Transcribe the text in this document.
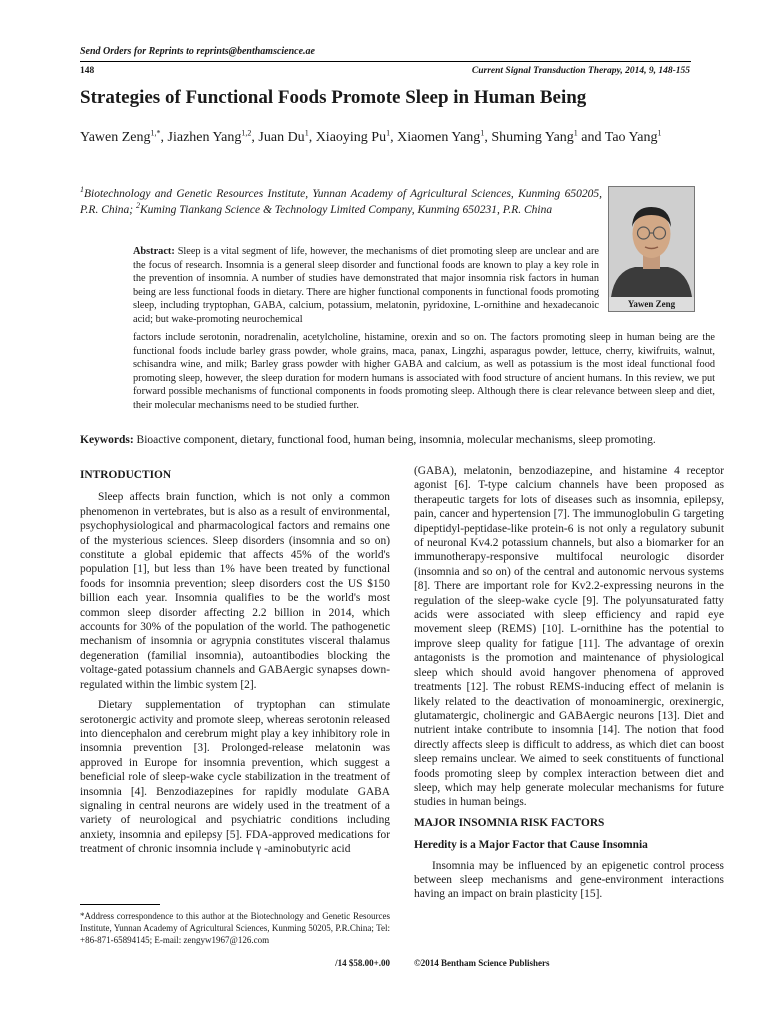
Send Orders for Reprints to reprints@benthamscience.ae
148	Current Signal Transduction Therapy, 2014, 9, 148-155
Strategies of Functional Foods Promote Sleep in Human Being
Yawen Zeng$^{1,*}$, Jiazhen Yang$^{1,2}$, Juan Du$^1$, Xiaoying Pu$^1$, Xiaomen Yang$^1$, Shuming Yang$^1$ and Tao Yang$^1$
$^1$Biotechnology and Genetic Resources Institute, Yunnan Academy of Agricultural Sciences, Kunming 650205, P.R. China; $^2$Kuming Tiankang Science & Technology Limited Company, Kunming 650231, P.R. China
Yawen Zeng
Abstract: Sleep is a vital segment of life, however, the mechanisms of diet promoting sleep are unclear and are the focus of research. Insomnia is a general sleep disorder and functional foods are known to play a key role in the prevention of insomnia. A number of studies have demonstrated that major insomnia risk factors in human being are less functional foods in dietary. There are higher functional components in functional foods promoting sleep, including tryptophan, GABA, calcium, potassium, melatonin, pyridoxine, L-ornithine and hexadecanoic acid; but wake-promoting neurochemical
factors include serotonin, noradrenalin, acetylcholine, histamine, orexin and so on. The factors promoting sleep in human being are the functional foods include barley grass powder, whole grains, maca, panax, Lingzhi, asparagus powder, lettuce, cherry, kiwifruits, walnut, schisandra wine, and milk; Barley grass powder with higher GABA and calcium, as well as potassium is the most ideal functional food promoting sleep, however, the sleep duration for modern humans is associated with food structure of ancient humans. In this review, we put forward possible mechanisms of functional components in foods promoting sleep. Although there is clear relevance between sleep and diet, their molecular mechanisms need to be studied further.
Keywords: Bioactive component, dietary, functional food, human being, insomnia, molecular mechanisms, sleep promoting.
INTRODUCTION

Sleep affects brain function, which is not only a common phenomenon in vertebrates, but is also as a result of environmental, psychophysiological and pharmacological factors and remains one of the mysterious sciences. Sleep disorders (insomnia and so on) constitute a global epidemic that affects 45% of the world's population [1], but less than 1% have been treated by functional foods for insomnia prevention; sleep disorders cost the US $150 billion each year. Insomnia qualifies to be the world's most common sleep disorder affecting 2.2 billion in 2014, which accounts for 30% of the population of the world. The pathogenetic mechanism of insomnia or agrypnia constitutes visceral thalamus degeneration (familial insomnia), autoantibodies blocking the voltage-gated potassium channels and GABAergic synapses down-regulated within the limbic system [2].

Dietary supplementation of tryptophan can stimulate serotonergic activity and promote sleep, whereas serotonin released into diencephalon and cerebrum might play a key inhibitory role in insomnia prevention [3]. Prolonged-release melatonin was approved in Europe for insomnia prevention, which suggest a beneficial role of sleep-wake cycle stabilization in the treatment of insomnia [4]. Benzodiazepines for rapidly modulate GABA signaling in central neurons are widely used in the treatment of a variety of neurological and psychiatric conditions including anxiety, insomnia and epilepsy [5]. FDA-approved medications for treatment of chronic insomnia include γ -aminobutyric acid

(GABA), melatonin, benzodiazepine, and histamine 4 receptor agonist [6]. T-type calcium channels have been proposed as therapeutic targets for lots of diseases such as insomnia, epilepsy, pain, cancer and hypertension [7]. The immunoglobulin G targeting dipeptidyl-peptidase-like protein-6 is not only a regulatory subunit of neuronal Kv4.2 potassium channels, but also a biomarker for an immunotherapy-responsive multifocal neurologic disorder (insomnia and so on) of the central and autonomic nervous systems [8]. There are important role for Kv2.2-expressing neurons in the regulation of the sleep-wake cycle [9]. The polyunsaturated fatty acids were associated with sleep efficiency and rapid eye movement sleep (REMS) [10]. L-ornithine has the potential to improve sleep quality for fatigue [11]. The advantage of orexin antagonists is the promotion and maintenance of physiological sleep which should avoid hangover phenomena of approved treatments [12]. The robust REMS-inducing effect of melanin is likely related to the deactivation of monoaminergic, orexinergic, glutamatergic, cholinergic and GABAergic neurons [13]. Diet and nutrient intake contribute to insomnia [14]. The notion that food directly affects sleep is difficult to address, as which diet can boost sleep remains unclear. We aimed to seek constituents of functional foods promoting sleep by complex interaction between diet and sleep, which may help generate molecular mechanisms for future studies in human beings.

MAJOR INSOMNIA RISK FACTORS
Heredity is a Major Factor that Cause Insomnia

Insomnia may be influenced by an epigenetic control process between sleep mechanisms and gene-environment interactions having an impact on brain plasticity [15].

*Address correspondence to this author at the Biotechnology and Genetic Resources Institute, Yunnan Academy of Agricultural Sciences, Kunming 50205, P.R.China; Tel: +86-871-65894145; E-mail: zengyw1967@126.com
/14 $58.00+.00	©2014 Bentham Science Publishers
